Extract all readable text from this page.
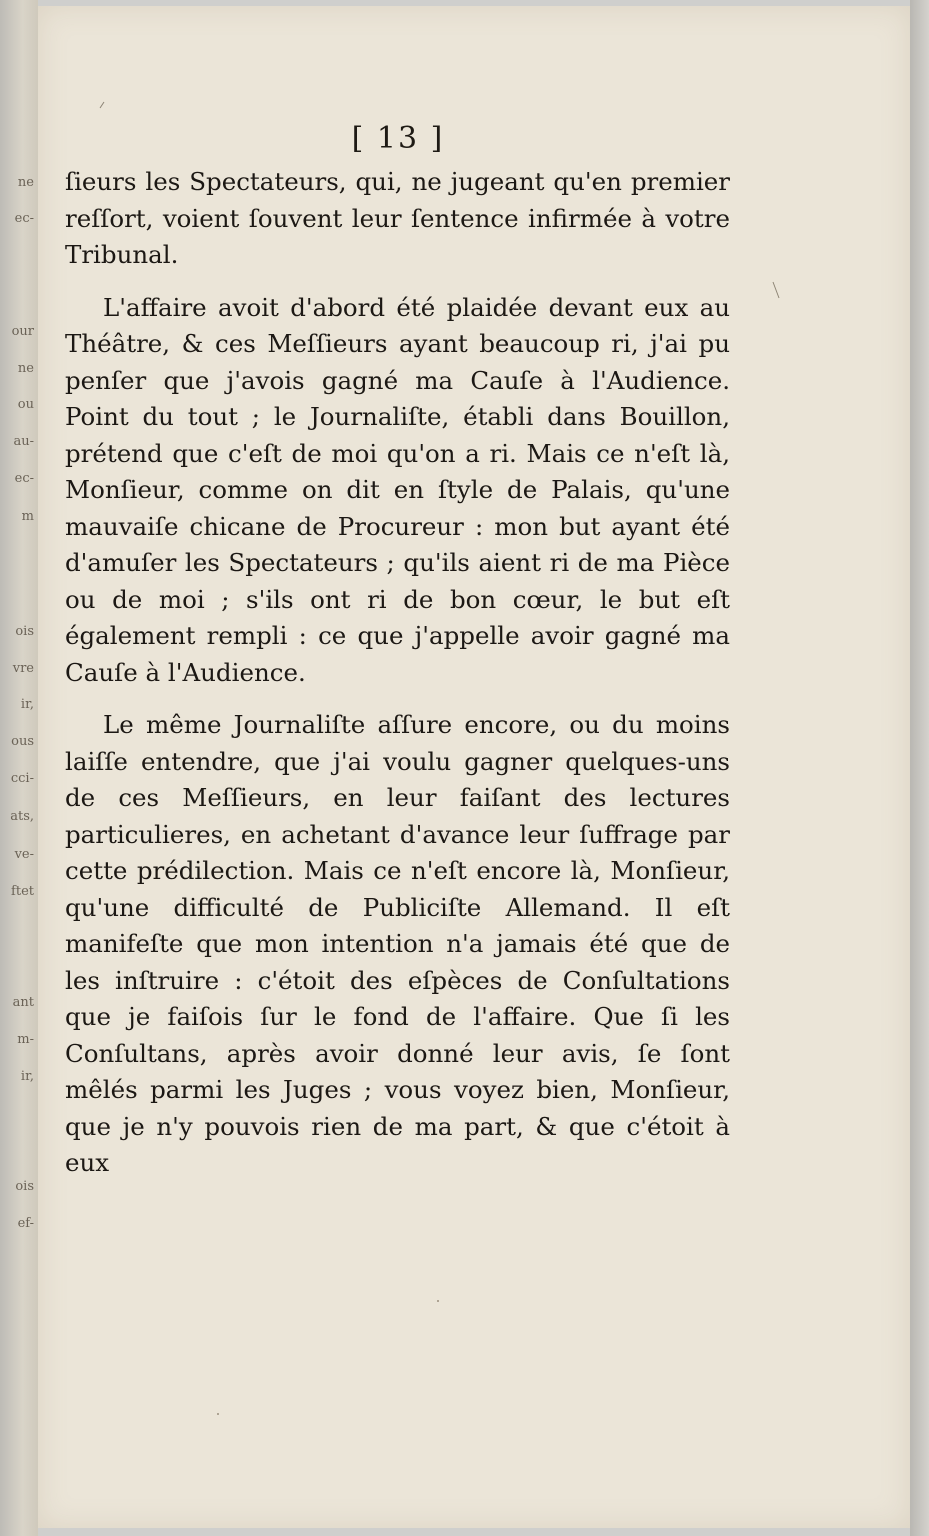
ne
ec-
our
ne
ou
au-
ec-
m
ois
vre
ir,
ous
cci-
ats,
ve-
ftet
ant
m-
ir,
ois
ef-
[ 13 ]

ſieurs les Spectateurs, qui, ne jugeant qu'en premier reſſort, voient ſouvent leur ſentence infirmée à votre Tribunal.

L'affaire avoit d'abord été plaidée devant eux au Théâtre, & ces Meſſieurs ayant beaucoup ri, j'ai pu penſer que j'avois gagné ma Cauſe à l'Audience. Point du tout ; le Journaliſte, établi dans Bouillon, prétend que c'eſt de moi qu'on a ri. Mais ce n'eſt là, Monſieur, comme on dit en ſtyle de Palais, qu'une mauvaiſe chicane de Procureur : mon but ayant été d'amuſer les Spectateurs ; qu'ils aient ri de ma Pièce ou de moi ; s'ils ont ri de bon cœur, le but eſt également rempli : ce que j'appelle avoir gagné ma Cauſe à l'Audience.

Le même Journaliſte aſſure encore, ou du moins laiſſe entendre, que j'ai voulu gagner quelques-uns de ces Meſſieurs, en leur faiſant des lectures particulieres, en achetant d'avance leur ſuffrage par cette prédilection. Mais ce n'eſt encore là, Monſieur, qu'une difficulté de Publiciſte Allemand. Il eſt manifeſte que mon intention n'a jamais été que de les inſtruire : c'étoit des eſpèces de Conſultations que je faiſois ſur le fond de l'affaire. Que ſi les Conſultans, après avoir donné leur avis, ſe ſont mêlés parmi les Juges ; vous voyez bien, Monſieur, que je n'y pouvois rien de ma part, & que c'étoit à eux
